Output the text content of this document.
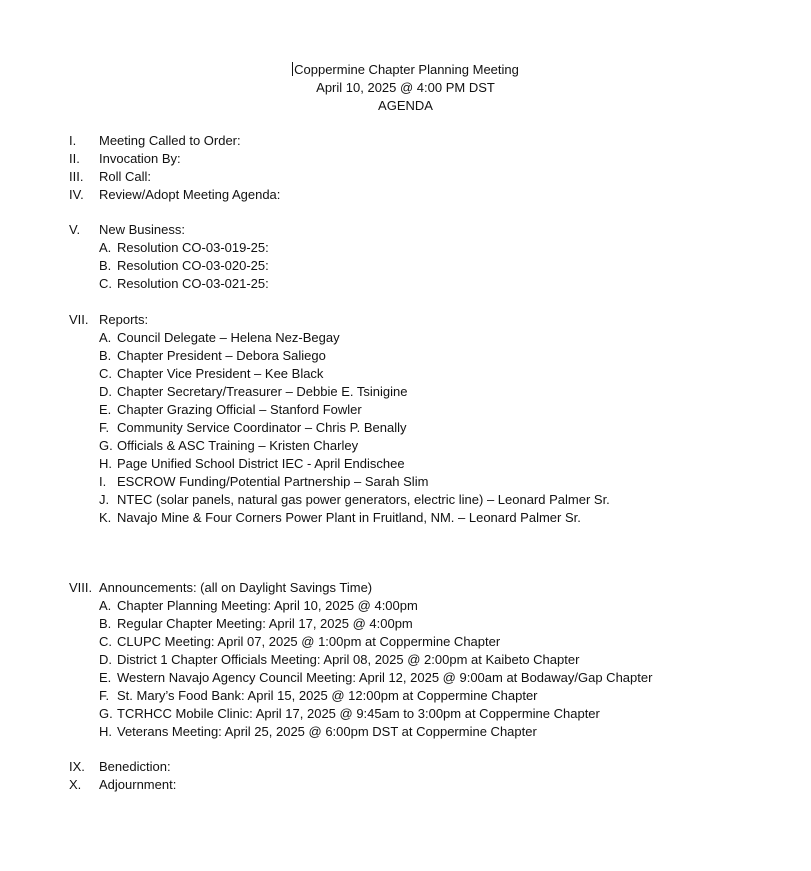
Coppermine Chapter Planning Meeting
April 10, 2025 @ 4:00 PM DST
AGENDA
I. Meeting Called to Order:
II. Invocation By:
III. Roll Call:
IV. Review/Adopt Meeting Agenda:
V. New Business:
A. Resolution CO-03-019-25:
B. Resolution CO-03-020-25:
C. Resolution CO-03-021-25:
VII. Reports:
A. Council Delegate – Helena Nez-Begay
B. Chapter President – Debora Saliego
C. Chapter Vice President – Kee Black
D. Chapter Secretary/Treasurer – Debbie E. Tsinigine
E. Chapter Grazing Official – Stanford Fowler
F. Community Service Coordinator – Chris P. Benally
G. Officials & ASC Training – Kristen Charley
H. Page Unified School District IEC - April Endischee
I. ESCROW Funding/Potential Partnership – Sarah Slim
J. NTEC (solar panels, natural gas power generators, electric line) – Leonard Palmer Sr.
K. Navajo Mine & Four Corners Power Plant in Fruitland, NM. – Leonard Palmer Sr.
VIII. Announcements: (all on Daylight Savings Time)
A. Chapter Planning Meeting: April 10, 2025 @ 4:00pm
B. Regular Chapter Meeting: April 17, 2025 @ 4:00pm
C. CLUPC Meeting: April 07, 2025 @ 1:00pm at Coppermine Chapter
D. District 1 Chapter Officials Meeting: April 08, 2025 @ 2:00pm at Kaibeto Chapter
E. Western Navajo Agency Council Meeting: April 12, 2025 @ 9:00am at Bodaway/Gap Chapter
F. St. Mary’s Food Bank: April 15, 2025 @ 12:00pm at Coppermine Chapter
G. TCRHCC Mobile Clinic: April 17, 2025 @ 9:45am to 3:00pm at Coppermine Chapter
H. Veterans Meeting: April 25, 2025 @ 6:00pm DST at Coppermine Chapter
IX. Benediction:
X. Adjournment:
